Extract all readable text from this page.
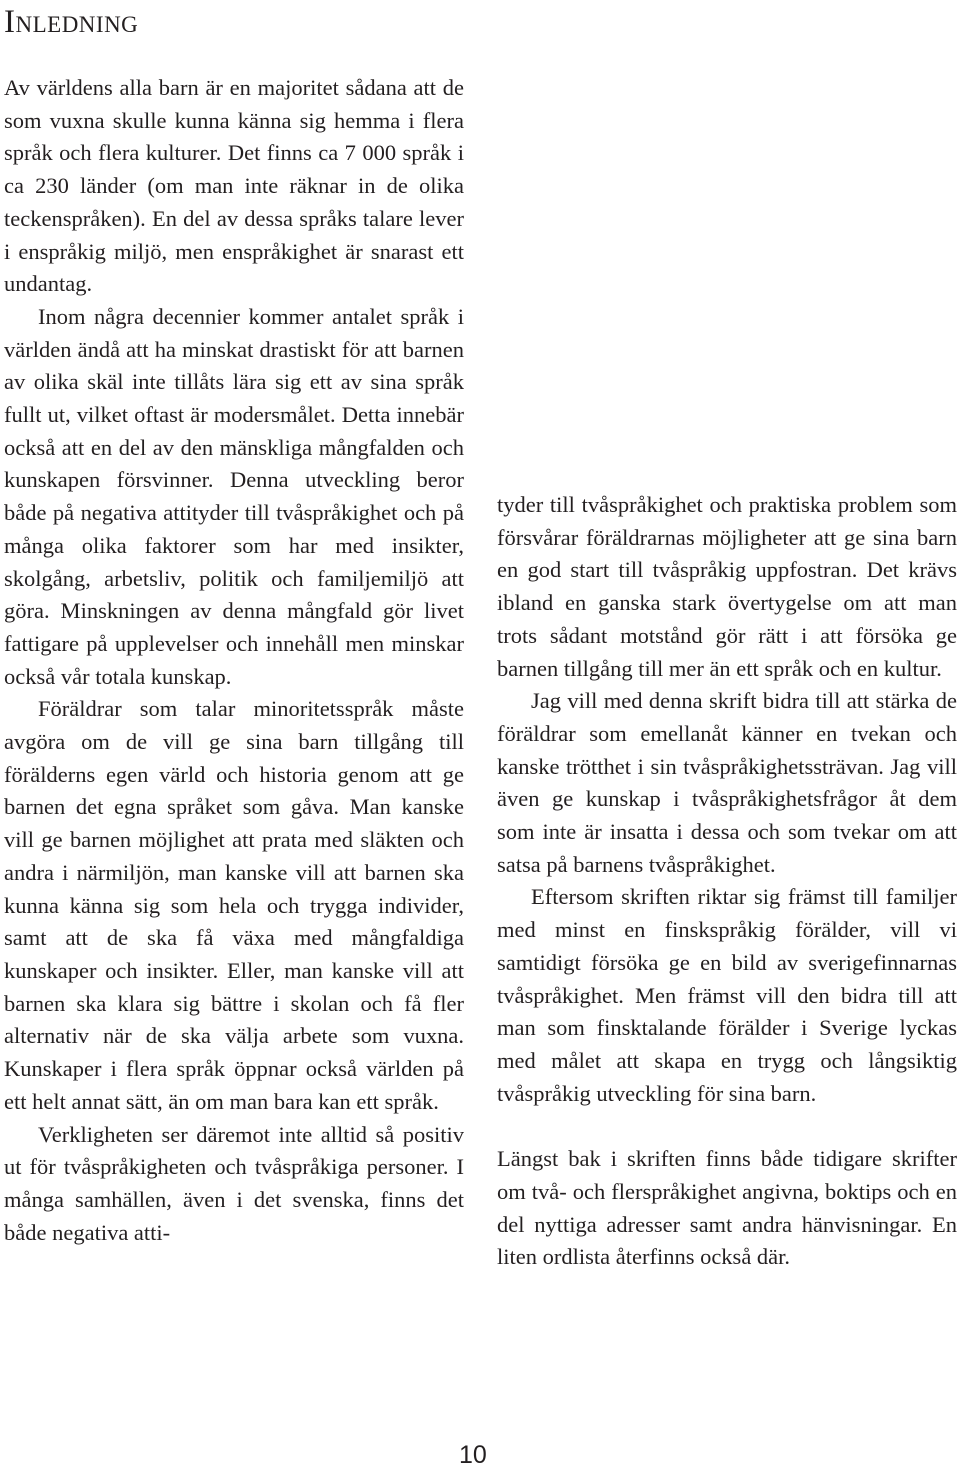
Inledning

Av världens alla barn är en majoritet sådana att de som vuxna skulle kunna känna sig hemma i flera språk och flera kulturer. Det finns ca 7 000 språk i ca 230 länder (om man inte räknar in de olika teckenspråken). En del av dessa språks talare lever i enspråkig miljö, men enspråkighet är snarast ett undantag.

Inom några decennier kommer antalet språk i världen ändå att ha minskat drastiskt för att barnen av olika skäl inte tillåts lära sig ett av sina språk fullt ut, vilket oftast är modersmålet. Detta innebär också att en del av den mänskliga mångfalden och kunskapen försvinner. Denna utveckling beror både på negativa attityder till tvåspråkighet och på många olika faktorer som har med insikter, skolgång, arbetsliv, politik och familjemiljö att göra. Minskningen av denna mångfald gör livet fattigare på upplevelser och innehåll men minskar också vår totala kunskap.

Föräldrar som talar minoritetsspråk måste avgöra om de vill ge sina barn tillgång till förälderns egen värld och historia genom att ge barnen det egna språket som gåva. Man kanske vill ge barnen möjlighet att prata med släkten och andra i närmiljön, man kanske vill att barnen ska kunna känna sig som hela och trygga individer, samt att de ska få växa med mångfaldiga kunskaper och insikter. Eller, man kanske vill att barnen ska klara sig bättre i skolan och få fler alternativ när de ska välja arbete som vuxna. Kunskaper i flera språk öppnar också världen på ett helt annat sätt, än om man bara kan ett språk.

Verkligheten ser däremot inte alltid så positiv ut för tvåspråkigheten och tvåspråkiga personer. I många samhällen, även i det svenska, finns det både negativa atti-

tyder till tvåspråkighet och praktiska problem som försvårar föräldrarnas möjligheter att ge sina barn en god start till tvåspråkig uppfostran. Det krävs ibland en ganska stark övertygelse om att man trots sådant motstånd gör rätt i att försöka ge barnen tillgång till mer än ett språk och en kultur.

Jag vill med denna skrift bidra till att stärka de föräldrar som emellanåt känner en tvekan och kanske trötthet i sin tvåspråkighetssträvan. Jag vill även ge kunskap i tvåspråkighetsfrågor åt dem som inte är insatta i dessa och som tvekar om att satsa på barnens tvåspråkighet.

Eftersom skriften riktar sig främst till familjer med minst en finskspråkig förälder, vill vi samtidigt försöka ge en bild av sverigefinnarnas tvåspråkighet. Men främst vill den bidra till att man som finsktalande förälder i Sverige lyckas med målet att skapa en trygg och långsiktig tvåspråkig utveckling för sina barn.

Längst bak i skriften finns både tidigare skrifter om två- och flerspråkighet angivna, boktips och en del nyttiga adresser samt andra hänvisningar. En liten ordlista återfinns också där.

10
